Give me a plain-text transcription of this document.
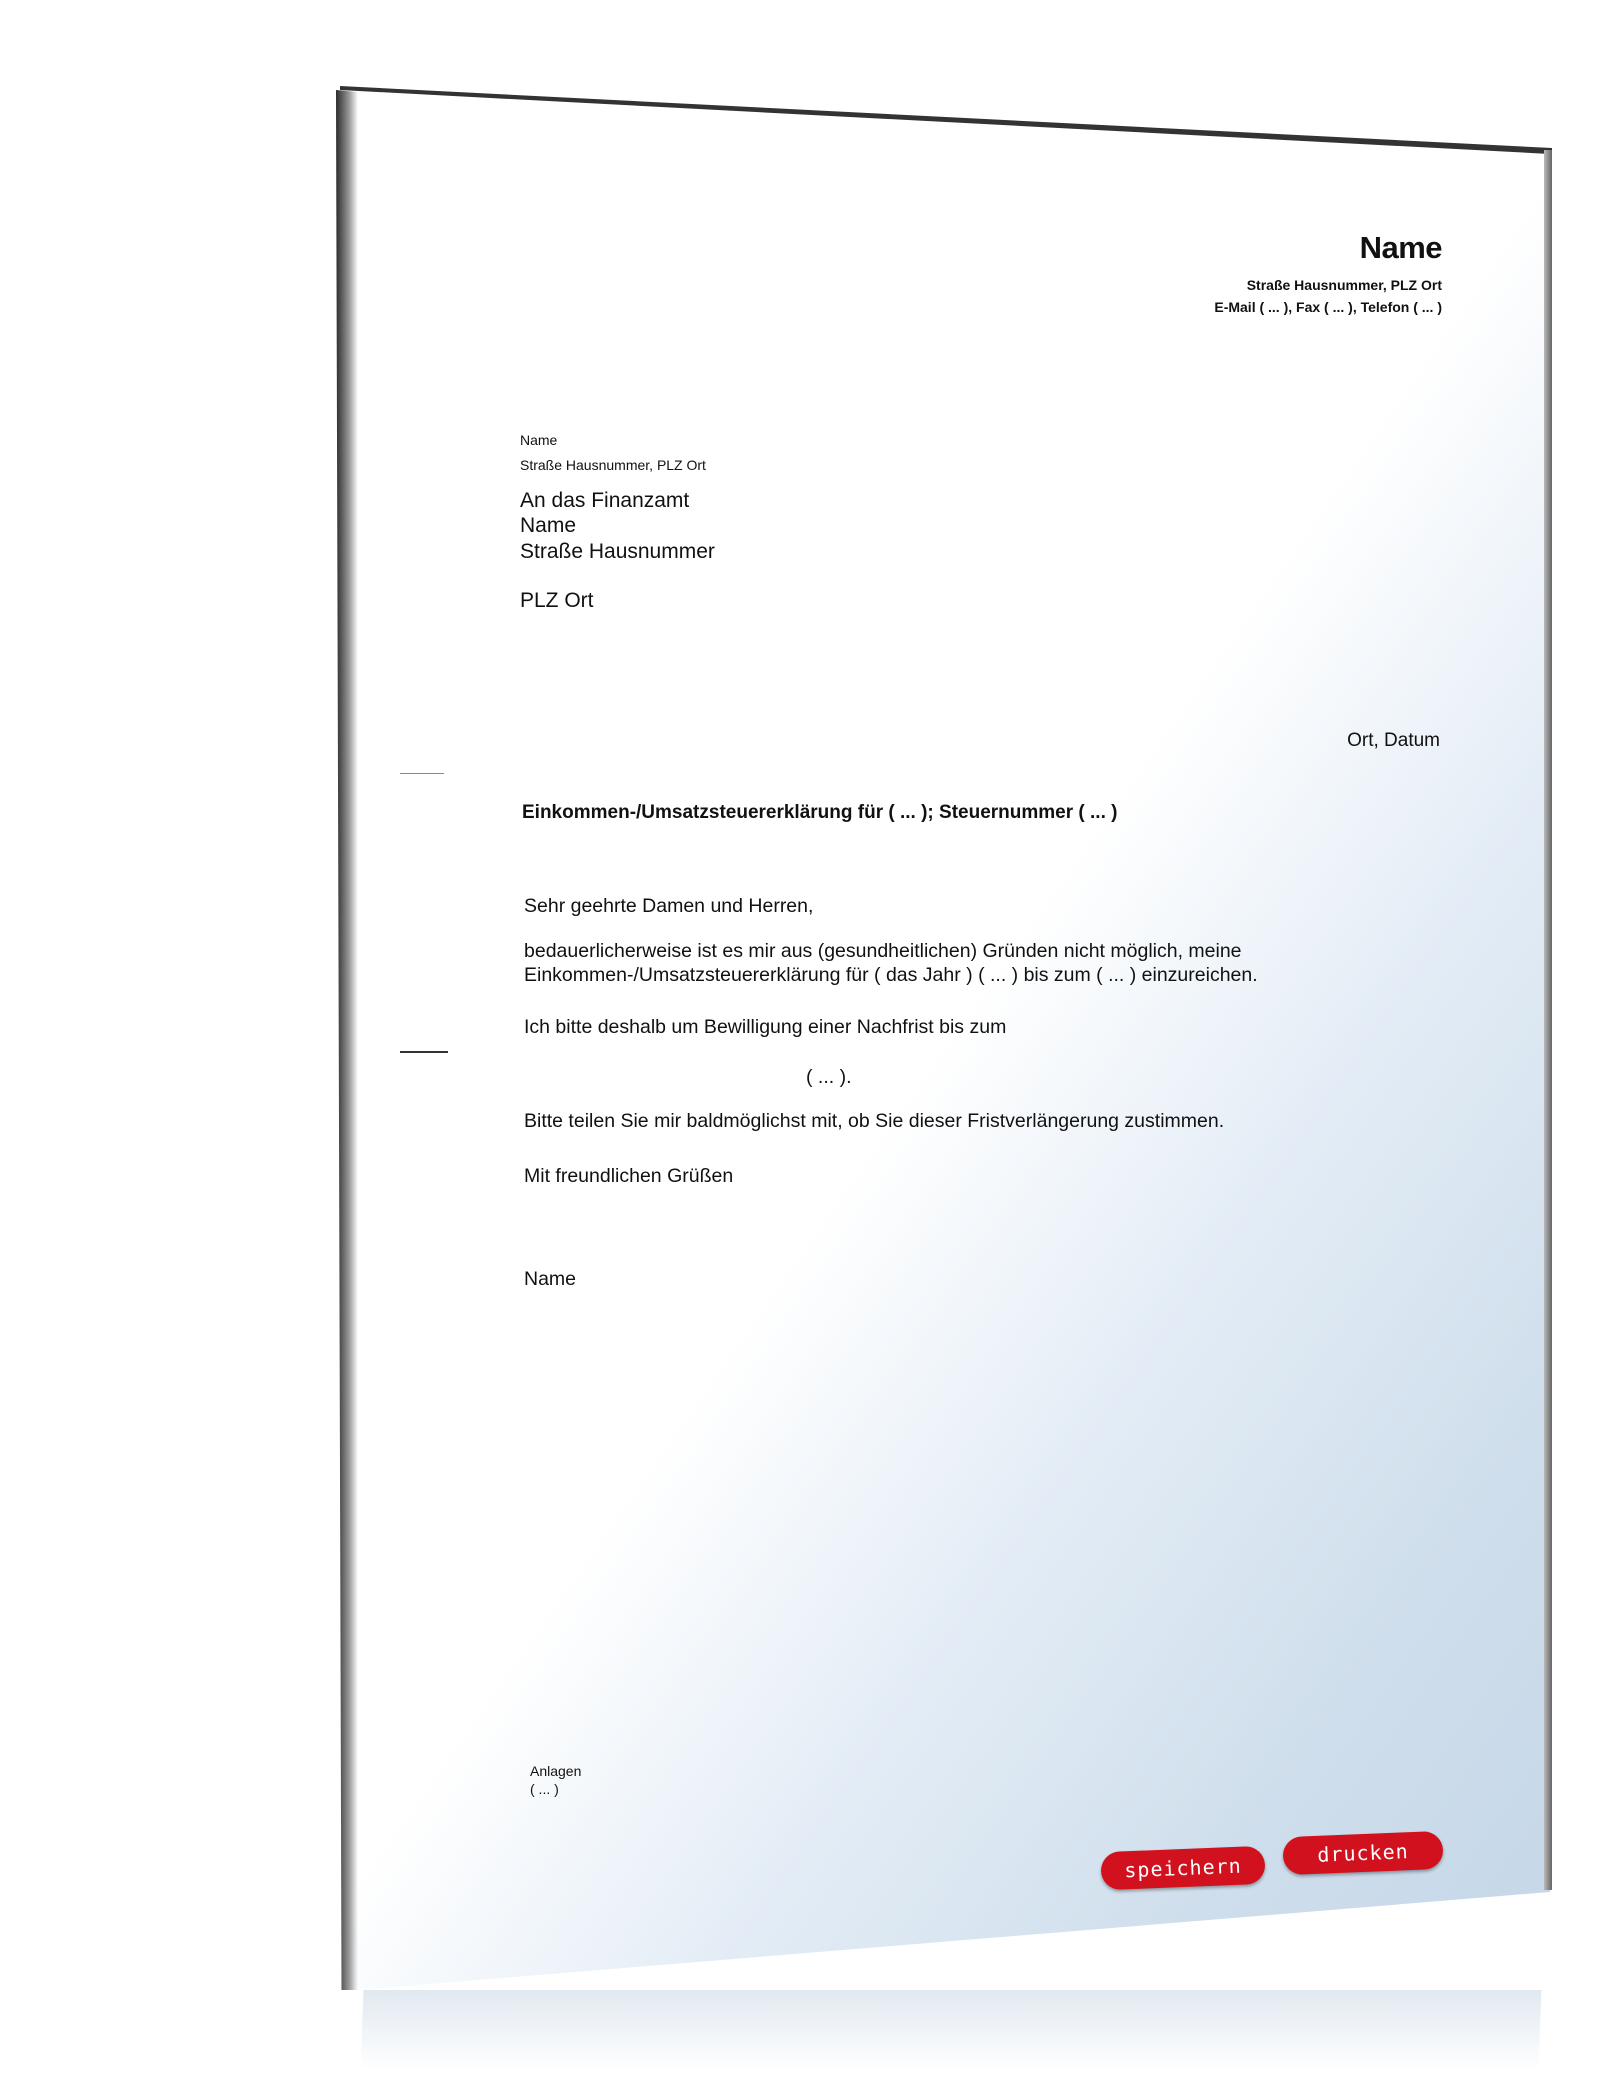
Name
Straße Hausnummer, PLZ Ort
E-Mail ( ... ), Fax ( ... ), Telefon ( ... )
Name
Straße Hausnummer, PLZ Ort
An das Finanzamt
Name
Straße Hausnummer
PLZ Ort
Ort, Datum
Einkommen-/Umsatzsteuererklärung für ( ... ); Steuernummer ( ... )
Sehr geehrte Damen und Herren,
bedauerlicherweise ist es mir aus (gesundheitlichen) Gründen nicht möglich, meine
Einkommen-/Umsatzsteuererklärung für ( das Jahr ) ( ... ) bis zum ( ... ) einzureichen.
Ich bitte deshalb um Bewilligung einer Nachfrist bis zum
( ... ).
Bitte teilen Sie mir baldmöglichst mit, ob Sie dieser Fristverlängerung zustimmen.
Mit freundlichen Grüßen
Name
Anlagen
( ... )
speichern
drucken
